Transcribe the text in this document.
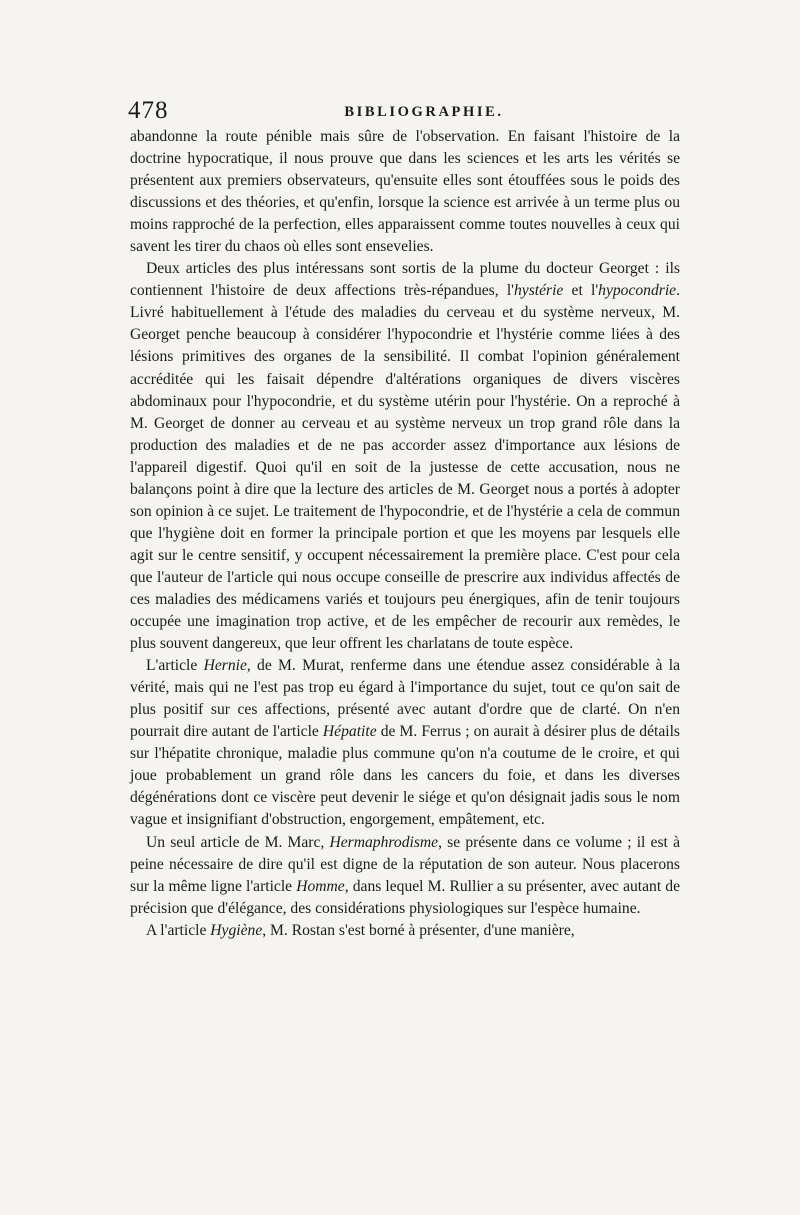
478	BIBLIOGRAPHIE.

abandonne la route pénible mais sûre de l'observation. En faisant l'histoire de la doctrine hypocratique, il nous prouve que dans les sciences et les arts les vérités se présentent aux premiers observateurs, qu'ensuite elles sont étouffées sous le poids des discussions et des théories, et qu'enfin, lorsque la science est arrivée à un terme plus ou moins rapproché de la perfection, elles apparaissent comme toutes nouvelles à ceux qui savent les tirer du chaos où elles sont ensevelies.

Deux articles des plus intéressans sont sortis de la plume du docteur Georget : ils contiennent l'histoire de deux affections très-répandues, l'hystérie et l'hypocondrie. Livré habituellement à l'étude des maladies du cerveau et du système nerveux, M. Georget penche beaucoup à considérer l'hypocondrie et l'hystérie comme liées à des lésions primitives des organes de la sensibilité. Il combat l'opinion généralement accréditée qui les faisait dépendre d'altérations organiques de divers viscères abdominaux pour l'hypocondrie, et du système utérin pour l'hystérie. On a reproché à M. Georget de donner au cerveau et au système nerveux un trop grand rôle dans la production des maladies et de ne pas accorder assez d'importance aux lésions de l'appareil digestif. Quoi qu'il en soit de la justesse de cette accusation, nous ne balançons point à dire que la lecture des articles de M. Georget nous a portés à adopter son opinion à ce sujet. Le traitement de l'hypocondrie, et de l'hystérie a cela de commun que l'hygiène doit en former la principale portion et que les moyens par lesquels elle agit sur le centre sensitif, y occupent nécessairement la première place. C'est pour cela que l'auteur de l'article qui nous occupe conseille de prescrire aux individus affectés de ces maladies des médicamens variés et toujours peu énergiques, afin de tenir toujours occupée une imagination trop active, et de les empêcher de recourir aux remèdes, le plus souvent dangereux, que leur offrent les charlatans de toute espèce.

L'article Hernie, de M. Murat, renferme dans une étendue assez considérable à la vérité, mais qui ne l'est pas trop eu égard à l'importance du sujet, tout ce qu'on sait de plus positif sur ces affections, présenté avec autant d'ordre que de clarté. On n'en pourrait dire autant de l'article Hépatite de M. Ferrus ; on aurait à désirer plus de détails sur l'hépatite chronique, maladie plus commune qu'on n'a coutume de le croire, et qui joue probablement un grand rôle dans les cancers du foie, et dans les diverses dégénérations dont ce viscère peut devenir le siége et qu'on désignait jadis sous le nom vague et insignifiant d'obstruction, engorgement, empâtement, etc.

Un seul article de M. Marc, Hermaphrodisme, se présente dans ce volume ; il est à peine nécessaire de dire qu'il est digne de la réputation de son auteur. Nous placerons sur la même ligne l'article Homme, dans lequel M. Rullier a su présenter, avec autant de précision que d'élégance, des considérations physiologiques sur l'espèce humaine.

A l'article Hygiène, M. Rostan s'est borné à présenter, d'une manière,
